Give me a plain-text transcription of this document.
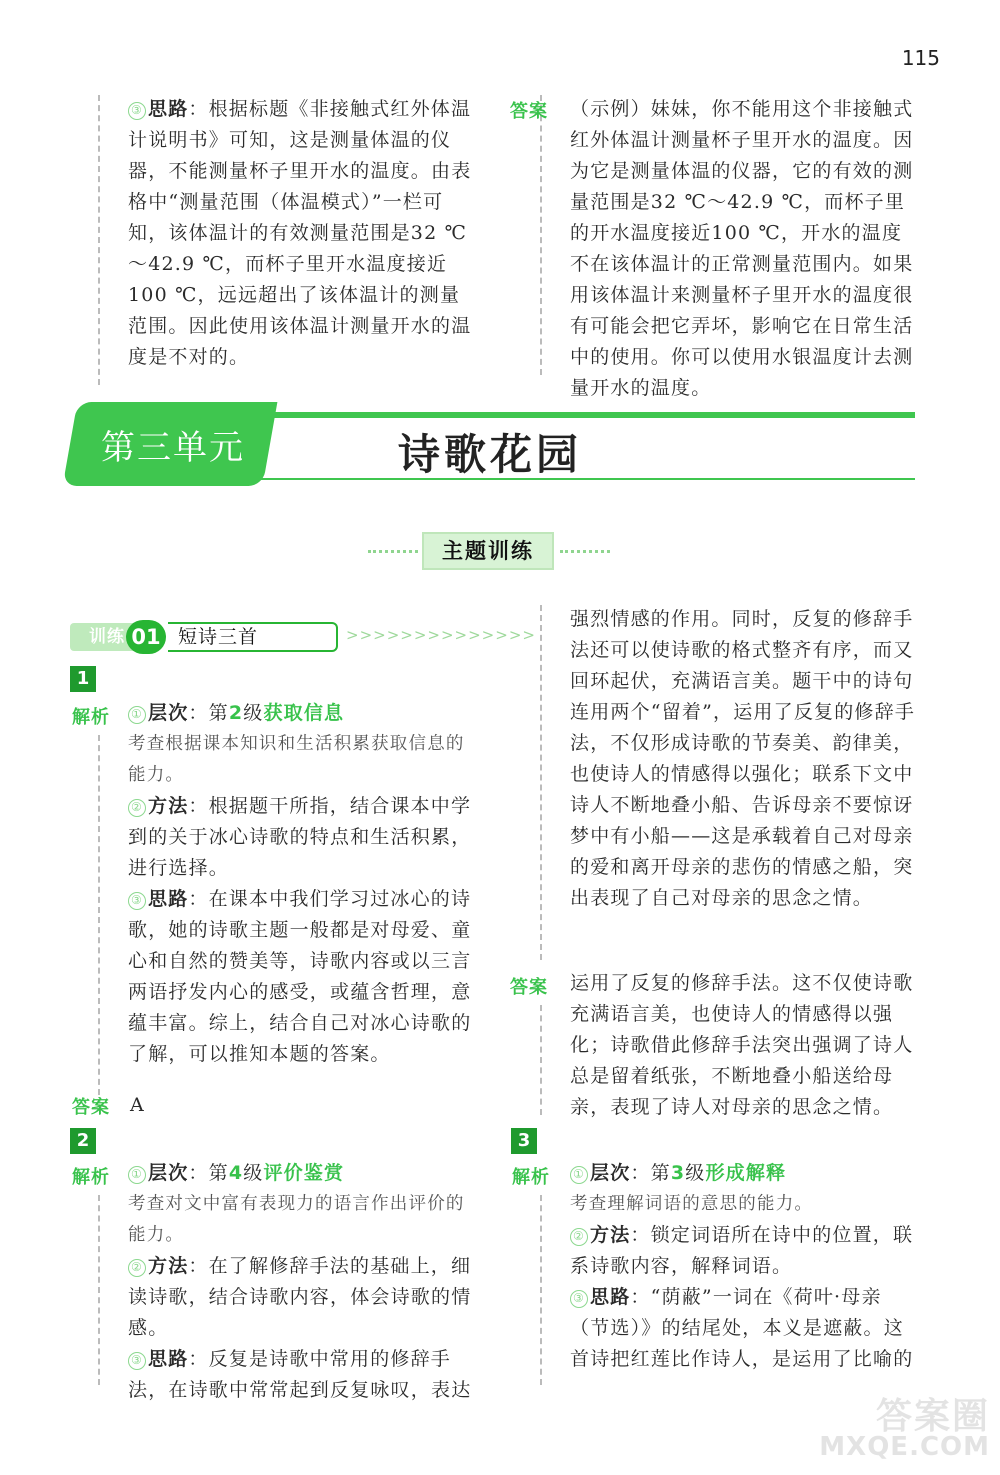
115
③ 思路：根据标题《非接触式红外体温计说明书》可知，这是测量体温的仪器，不能测量杯子里开水的温度。由表格中“测量范围（体温模式）”一栏可知，该体温计的有效测量范围是32 ℃～42.9 ℃，而杯子里开水温度接近100 ℃，远远超出了该体温计的测量范围。因此使用该体温计测量开水的温度是不对的。
答案 （示例）妹妹，你不能用这个非接触式红外体温计测量杯子里开水的温度。因为它是测量体温的仪器，它的有效的测量范围是32 ℃～42.9 ℃，而杯子里的开水温度接近100 ℃，开水的温度不在该体温计的正常测量范围内。如果用该体温计来测量杯子里开水的温度很有可能会把它弄坏，影响它在日常生活中的使用。你可以使用水银温度计去测量开水的温度。
第三单元	诗歌花园
主题训练
训练 01 短诗三首	>>>>>>>>>>>>>>
1
解析 ① 层次：第2级获取信息
考查根据课本知识和生活积累获取信息的能力。
② 方法：根据题干所指，结合课本中学到的关于冰心诗歌的特点和生活积累，进行选择。
③ 思路：在课本中我们学习过冰心的诗歌，她的诗歌主题一般都是对母爱、童心和自然的赞美等，诗歌内容或以三言两语抒发内心的感受，或蕴含哲理，意蕴丰富。综上，结合自己对冰心诗歌的了解，可以推知本题的答案。
答案 A
2
解析 ① 层次：第4级评价鉴赏
考查对文中富有表现力的语言作出评价的能力。
② 方法：在了解修辞手法的基础上，细读诗歌，结合诗歌内容，体会诗歌的情感。
③ 思路：反复是诗歌中常用的修辞手法，在诗歌中常常起到反复咏叹，表达
强烈情感的作用。同时，反复的修辞手法还可以使诗歌的格式整齐有序，而又回环起伏，充满语言美。题干中的诗句连用两个“留着”，运用了反复的修辞手法，不仅形成诗歌的节奏美、韵律美，也使诗人的情感得以强化；联系下文中诗人不断地叠小船、告诉母亲不要惊讶梦中有小船——这是承载着自己对母亲的爱和离开母亲的悲伤的情感之船，突出表现了自己对母亲的思念之情。
答案 运用了反复的修辞手法。这不仅使诗歌充满语言美，也使诗人的情感得以强化；诗歌借此修辞手法突出强调了诗人总是留着纸张，不断地叠小船送给母亲，表现了诗人对母亲的思念之情。
3
解析 ① 层次：第3级形成解释
考查理解词语的意思的能力。
② 方法：锁定词语所在诗中的位置，联系诗歌内容，解释词语。
③ 思路：“荫蔽”一词在《荷叶·母亲（节选）》的结尾处，本义是遮蔽。这首诗把红莲比作诗人，是运用了比喻的
答案圈
MXQE.COM
